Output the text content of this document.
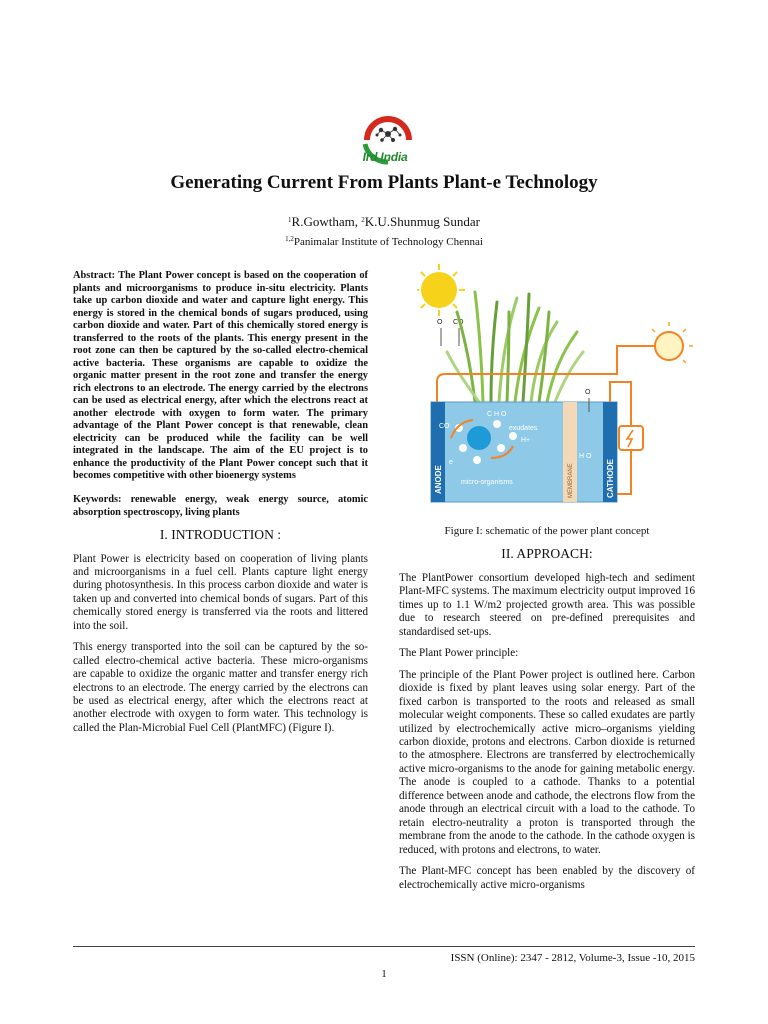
Ird India
Generating Current From Plants Plant-e Technology
$^1$R.Gowtham, $^2$K.U.Shunmug Sundar
$^{1,2}$Panimalar Institute of Technology Chennai

Abstract: The Plant Power concept is based on the cooperation of plants and microorganisms to produce in-situ electricity. Plants take up carbon dioxide and water and capture light energy. This energy is stored in the chemical bonds of sugars produced, using carbon dioxide and water. Part of this chemically stored energy is transferred to the roots of the plants. This energy present in the root zone can then be captured by the so-called electro-chemical active bacteria. These organisms are capable to oxidize the organic matter present in the root zone and transfer the energy rich electrons to an electrode. The energy carried by the electrons can be used as electrical energy, after which the electrons react at another electrode with oxygen to form water. The primary advantage of the Plant Power concept is that renewable, clean electricity can be produced while the facility can be well integrated in the landscape. The aim of the EU project is to enhance the productivity of the Plant Power concept such that it becomes competitive with other bioenergy systems

Keywords: renewable energy, weak energy source, atomic absorption spectroscopy, living plants

I. INTRODUCTION :

Plant Power is electricity based on cooperation of living plants and microorganisms in a fuel cell. Plants capture light energy during photosynthesis. In this process carbon dioxide and water is taken up and converted into chemical bonds of sugars. Part of this chemically stored energy is transferred via the roots and littered into the soil.

This energy transported into the soil can be captured by the so-called electro-chemical active bacteria. These micro-organisms are capable to oxidize the organic matter and transfer energy rich electrons to an electrode. The energy carried by the electrons can be used as electrical energy, after which the electrons react at another electrode with oxygen to form water. This technology is called the Plan-Microbial Fuel Cell (PlantMFC) (Figure I).

O CO
ANODE	MEMBRANE	CATHODE
CO
C H O
exudates
H+
e
H O
micro-organisms
O
Figure I: schematic of the power plant concept
II. APPROACH:

The PlantPower consortium developed high-tech and sediment Plant-MFC systems. The maximum electricity output improved 16 times up to 1.1 W/m2 projected growth area. This was possible due to research steered on pre-defined prerequisites and standardised set-ups.

The Plant Power principle:

The principle of the Plant Power project is outlined here. Carbon dioxide is fixed by plant leaves using solar energy. Part of the fixed carbon is transported to the roots and released as small molecular weight components. These so called exudates are partly utilized by electrochemically active micro–organisms yielding carbon dioxide, protons and electrons. Carbon dioxide is returned to the atmosphere. Electrons are transferred by electrochemically active micro-organisms to the anode for gaining metabolic energy. The anode is coupled to a cathode. Thanks to a potential difference between anode and cathode, the electrons flow from the anode through an electrical circuit with a load to the cathode. To retain electro-neutrality a proton is transported through the membrane from the anode to the cathode. In the cathode oxygen is reduced, with protons and electrons, to water.

The Plant-MFC concept has been enabled by the discovery of electrochemically active micro-organisms

ISSN (Online): 2347 - 2812, Volume-3, Issue -10, 2015
1
